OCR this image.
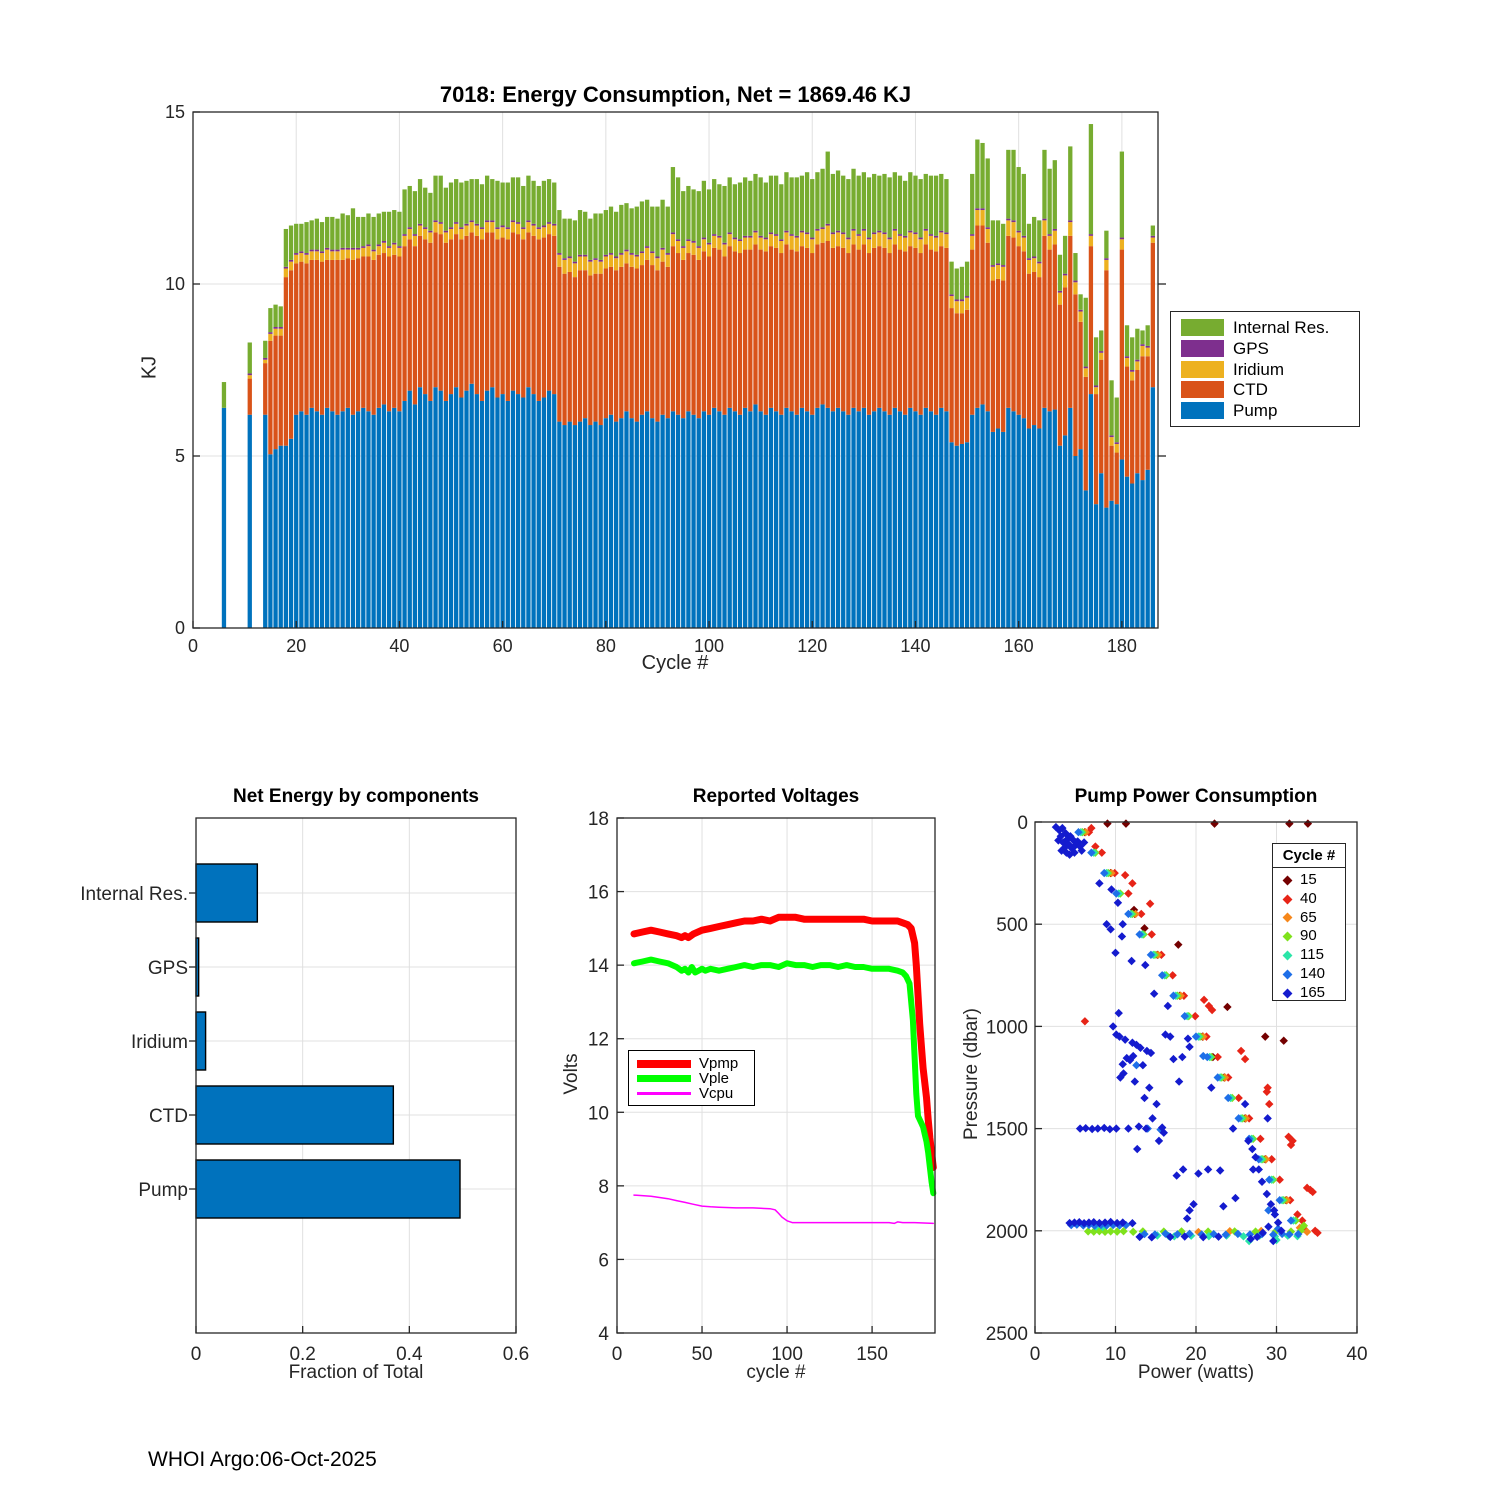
0	20	40	60	80	100	120	140	160	180
0
5
10
15
0	0.2	0.4	0.6
Internal Res.
GPS
Iridium
CTD
Pump
0	50	100	150
4
6
8
10
12
14
16
18
0	10	20	30	40
0
500
1000
1500
2000
2500
7018: Energy Consumption, Net = 1869.46 KJ
KJ
Cycle #
Net Energy by components
Fraction of Total
Reported Voltages
Volts
cycle #
Pump Power Consumption
Pressure (dbar)
Power (watts)
Internal Res.
GPS
Iridium
CTD
Pump
Vpmp
Vple
Vcpu
Cycle #
15
40
65
90
115
140
165
WHOI Argo:06-Oct-2025
